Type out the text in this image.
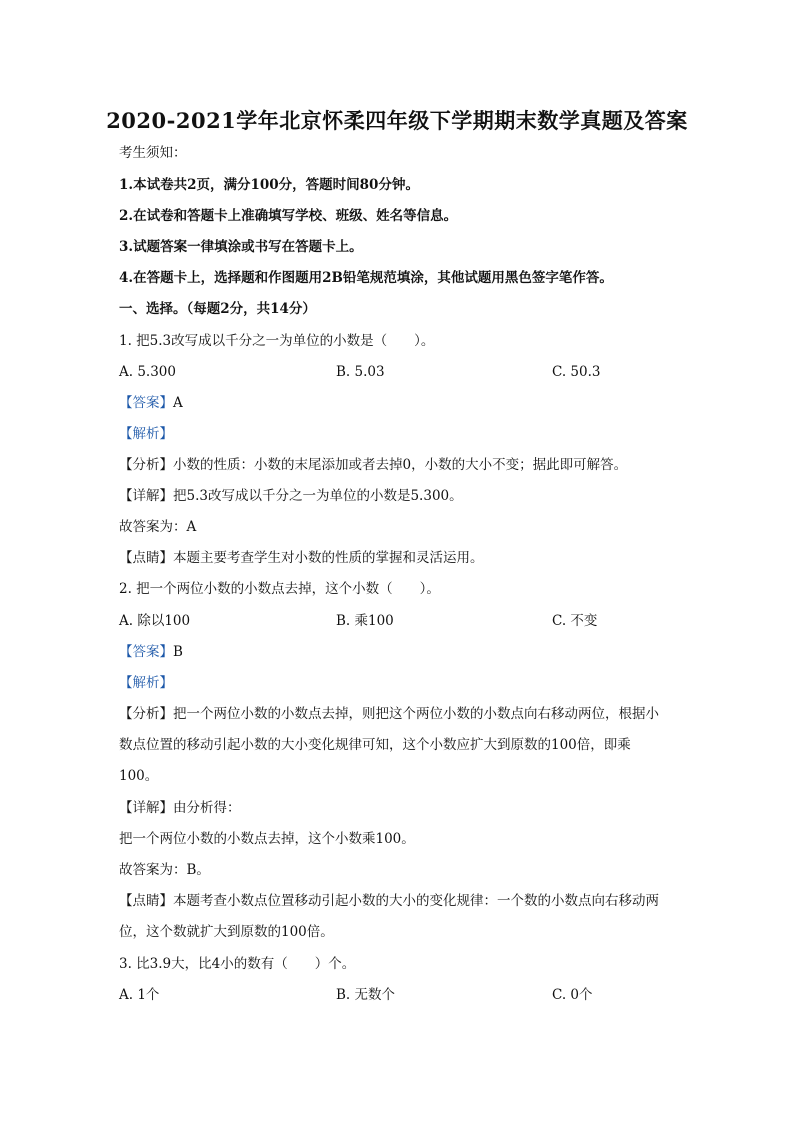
2020-2021学年北京怀柔四年级下学期期末数学真题及答案
考生须知：
1.本试卷共2页，满分100分，答题时间80分钟。
2.在试卷和答题卡上准确填写学校、班级、姓名等信息。
3.试题答案一律填涂或书写在答题卡上。
4.在答题卡上，选择题和作图题用2B铅笔规范填涂，其他试题用黑色签字笔作答。
一、选择。（每题2分，共14分）
1. 把5.3改写成以千分之一为单位的小数是（　　）。
A. 5.300	B. 5.03	C. 50.3
【答案】A
【解析】
【分析】小数的性质：小数的末尾添加或者去掉0，小数的大小不变；据此即可解答。
【详解】把5.3改写成以千分之一为单位的小数是5.300。
故答案为：A
【点睛】本题主要考查学生对小数的性质的掌握和灵活运用。
2. 把一个两位小数的小数点去掉，这个小数（　　）。
A. 除以100	B. 乘100	C. 不变
【答案】B
【解析】
【分析】把一个两位小数的小数点去掉，则把这个两位小数的小数点向右移动两位，根据小
数点位置的移动引起小数的大小变化规律可知，这个小数应扩大到原数的100倍，即乘
100。
【详解】由分析得：
把一个两位小数的小数点去掉，这个小数乘100。
故答案为：B。
【点睛】本题考查小数点位置移动引起小数的大小的变化规律：一个数的小数点向右移动两
位，这个数就扩大到原数的100倍。
3. 比3.9大，比4小的数有（　　）个。
A. 1个	B. 无数个	C. 0个
